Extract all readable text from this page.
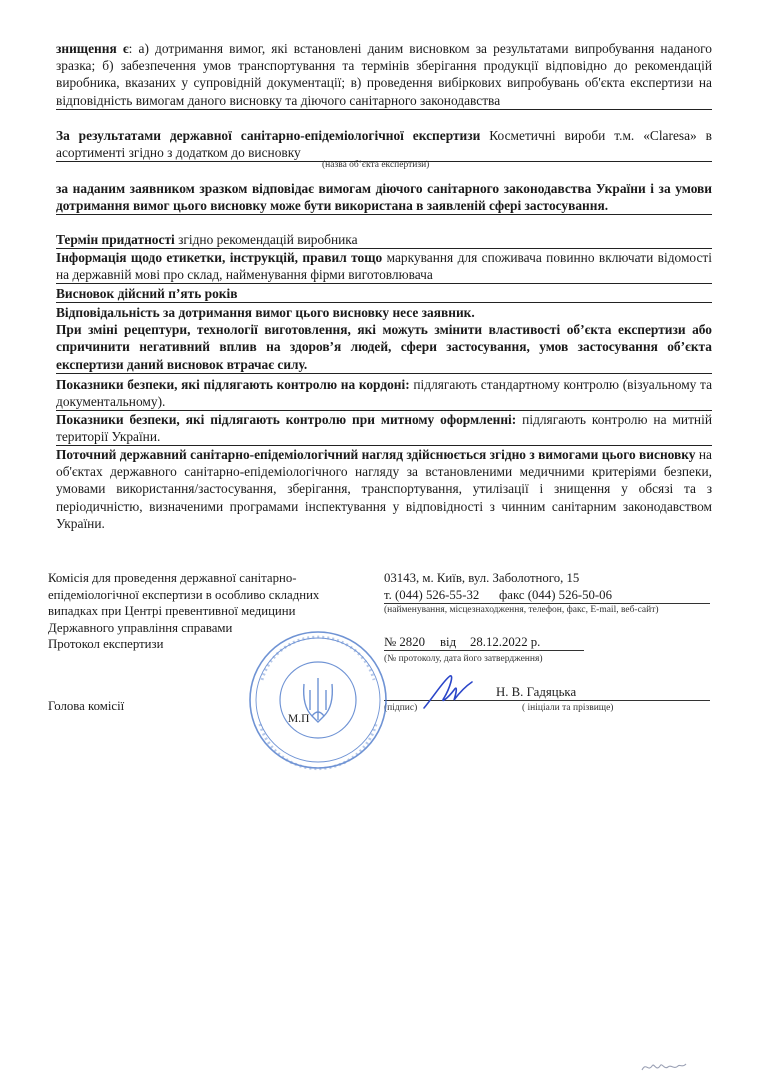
знищення є: а) дотримання вимог, які встановлені даним висновком за результатами випробування наданого зразка; б) забезпечення умов транспортування та термінів зберігання продукції відповідно до рекомендацій виробника, вказаних у супровідній документації; в) проведення вибіркових випробувань об'єкта експертизи на відповідність вимогам даного висновку та діючого санітарного законодавства
За результатами державної санітарно-епідеміологічної експертизи Косметичні вироби т.м. «Claresa» в асортименті згідно з додатком до висновку
(назва об’єкта експертизи)
за наданим заявником зразком відповідає вимогам діючого санітарного законодавства України і за умови дотримання вимог цього висновку може бути використана в заявленій сфері застосування.
Термін придатності згідно рекомендацій виробника
Інформація щодо етикетки, інструкцій, правил тощо маркування для споживача повинно включати відомості на державній мові про склад, найменування фірми виготовлювача
Висновок дійсний п’ять років
Відповідальність за дотримання вимог цього висновку несе заявник.
При зміні рецептури, технології виготовлення, які можуть змінити властивості об’єкта експертизи або спричинити негативний вплив на здоров’я людей, сфери застосування, умов застосування об’єкта експертизи даний висновок втрачає силу.
Показники безпеки, які підлягають контролю на кордоні: підлягають стандартному контролю (візуальному та документальному).
Показники безпеки, які підлягають контролю при митному оформленні: підлягають контролю на митній території України.
Поточний державний санітарно-епідеміологічний нагляд здійснюється згідно з вимогами цього висновку на об'єктах державного санітарно-епідеміологічного нагляду за встановленими медичними критеріями безпеки, умовами використання/застосування, зберігання, транспортування, утилізації і знищення у обсязі та з періодичністю, визначеними програмами інспектування у відповідності з чинним санітарним законодавством України.
Комісія для проведення державної санітарно-
епідеміологічної експертизи в особливо складних
випадках при Центрі превентивної медицини
Державного управління справами
Протокол експертизи
03143, м. Київ, вул. Заболотного, 15
т. (044) 526-55-32 факс (044) 526-50-06
(найменування, місцезнаходження, телефон, факс, E-mail, веб-сайт)
№ 2820 від 28.12.2022 р.
(№ протоколу, дата його затвердження)
Голова комісії
Н. В. Гадяцька
(підпис)	( ініціали та прізвище)
М.П
